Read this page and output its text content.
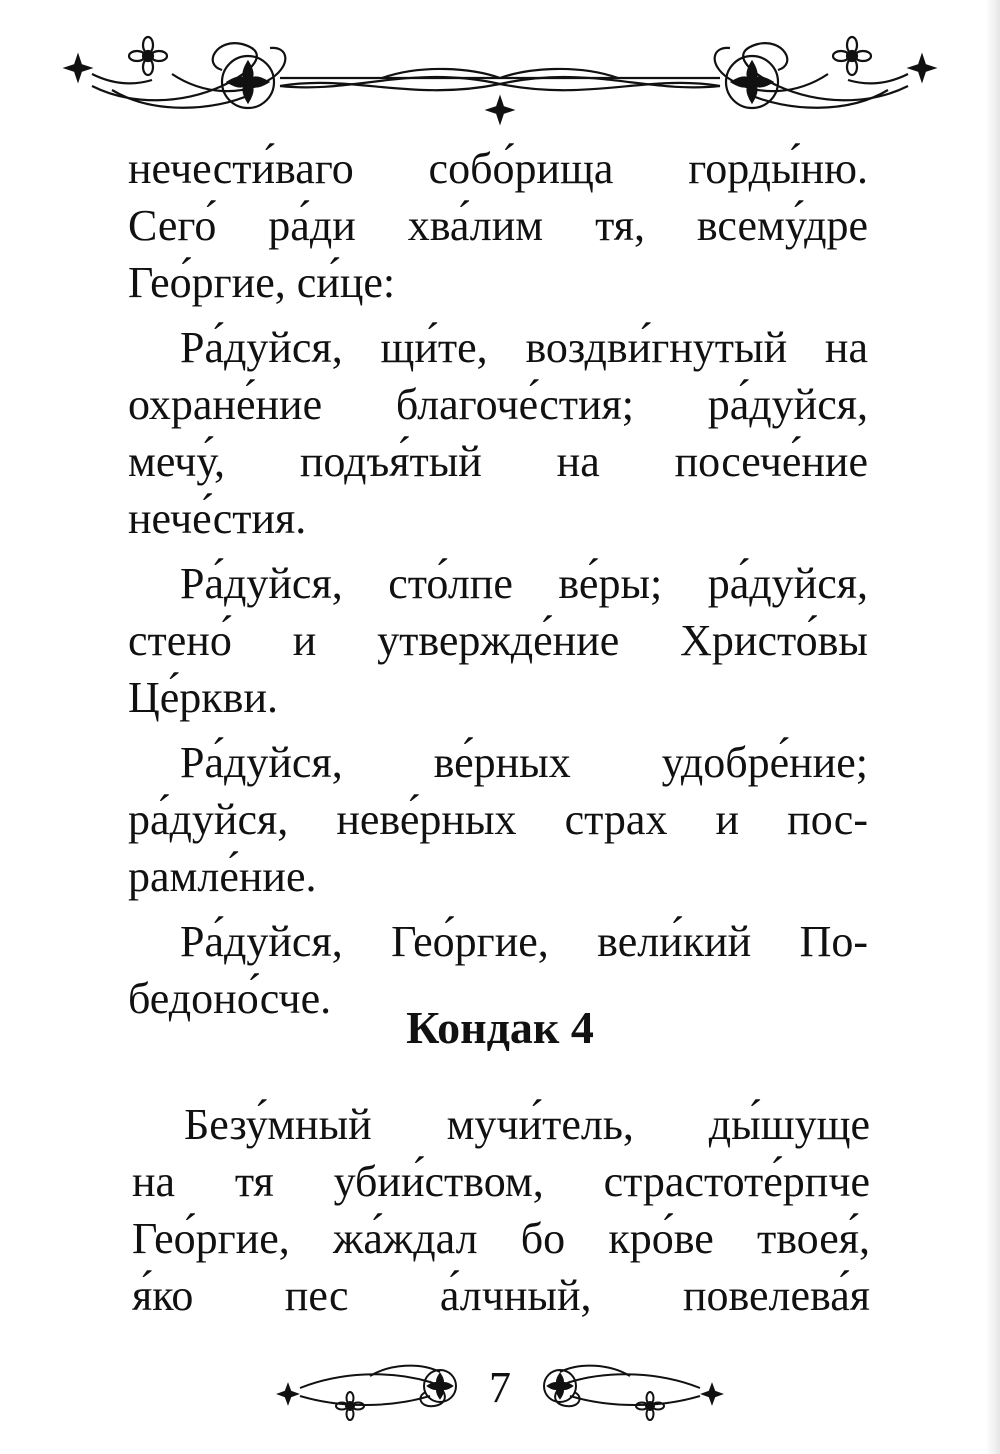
нечести́ваго собо́рища горды́ню.
Сего́ ра́ди хва́лим тя, всему́дре
Гео́ргие, си́це:
Ра́дуйся, щи́те, воздви́гнутый на
охране́ние благоче́стия; ра́дуйся,
мечу́, подъя́тый на посече́ние
нече́стия.
Ра́дуйся, сто́лпе ве́ры; ра́дуйся,
стено́ и утвержде́ние Христо́вы
Це́ркви.
Ра́дуйся, ве́рных удобре́ние;
ра́дуйся, неве́рных страх и пос-
рамле́ние.
Ра́дуйся, Гео́ргие, вели́кий По-
бедоно́сче.
Кондак 4
Безу́мный мучи́тель, ды́шуще
на тя убии́ством, страстоте́рпче
Гео́ргие, жа́ждал бо кро́ве твоея́,
я́ко пес а́лчный, повелева́я
7
